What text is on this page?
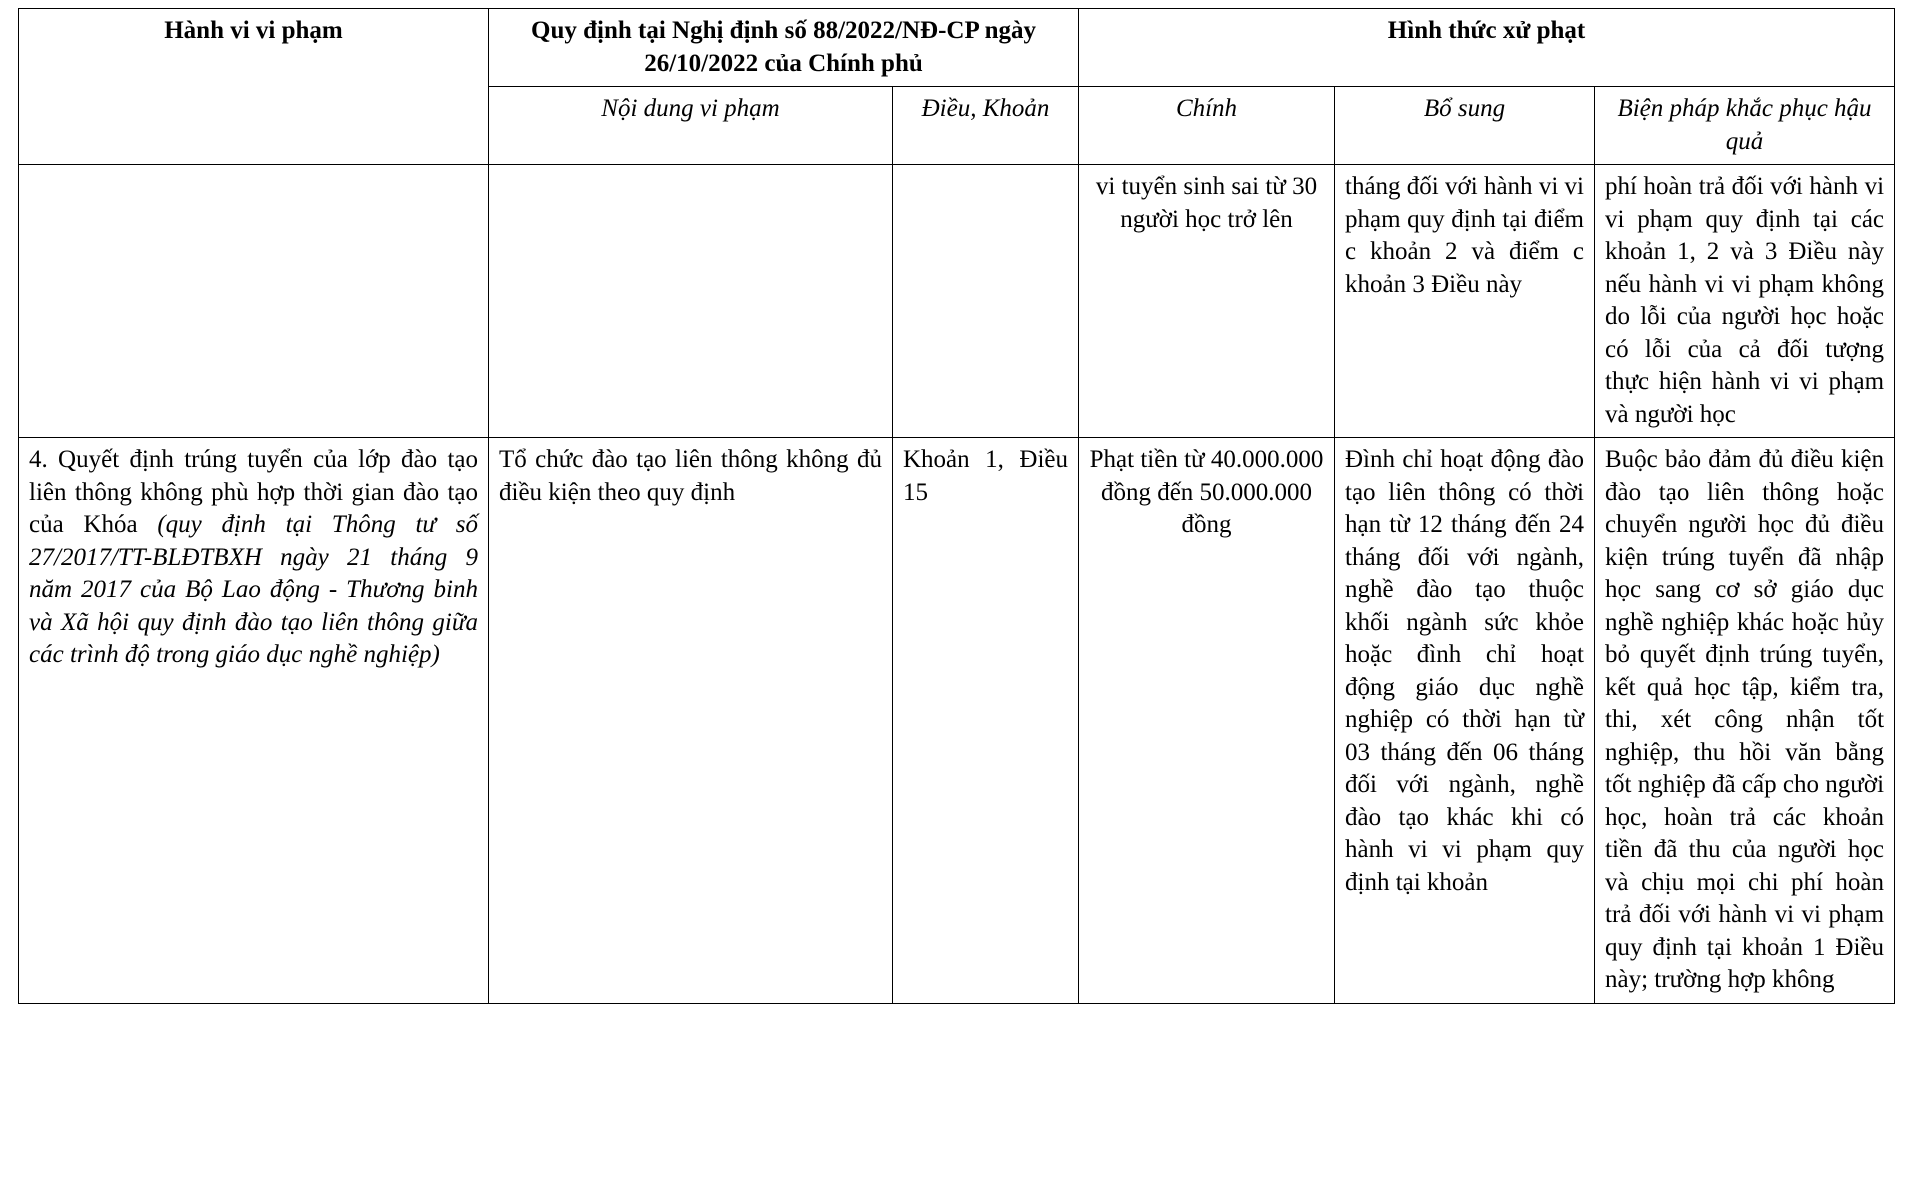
Hành vi vi phạm	Quy định tại Nghị định số 88/2022/NĐ-CP ngày 26/10/2022 của Chính phủ		Hình thức xử phạt		
	Nội dung vi phạm	Điều, Khoản	Chính	Bổ sung	Biện pháp khắc phục hậu quả
			vi tuyển sinh sai từ 30 người học trở lên	tháng đối với hành vi vi phạm quy định tại điểm c khoản 2 và điểm c khoản 3 Điều này	phí hoàn trả đối với hành vi vi phạm quy định tại các khoản 1, 2 và 3 Điều này nếu hành vi vi phạm không do lỗi của người học hoặc có lỗi của cả đối tượng thực hiện hành vi vi phạm và người học
4. Quyết định trúng tuyển của lớp đào tạo liên thông không phù hợp thời gian đào tạo của Khóa (quy định tại Thông tư số 27/2017/TT-BLĐTBXH ngày 21 tháng 9 năm 2017 của Bộ Lao động - Thương binh và Xã hội quy định đào tạo liên thông giữa các trình độ trong giáo dục nghề nghiệp)	Tổ chức đào tạo liên thông không đủ điều kiện theo quy định	Khoản 1, Điều 15	Phạt tiền từ 40.000.000 đồng đến 50.000.000 đồng	Đình chỉ hoạt động đào tạo liên thông có thời hạn từ 12 tháng đến 24 tháng đối với ngành, nghề đào tạo thuộc khối ngành sức khỏe hoặc đình chỉ hoạt động giáo dục nghề nghiệp có thời hạn từ 03 tháng đến 06 tháng đối với ngành, nghề đào tạo khác khi có hành vi vi phạm quy định tại khoản	Buộc bảo đảm đủ điều kiện đào tạo liên thông hoặc chuyển người học đủ điều kiện trúng tuyển đã nhập học sang cơ sở giáo dục nghề nghiệp khác hoặc hủy bỏ quyết định trúng tuyển, kết quả học tập, kiểm tra, thi, xét công nhận tốt nghiệp, thu hồi văn bằng tốt nghiệp đã cấp cho người học, hoàn trả các khoản tiền đã thu của người học và chịu mọi chi phí hoàn trả đối với hành vi vi phạm quy định tại khoản 1 Điều này; trường hợp không
